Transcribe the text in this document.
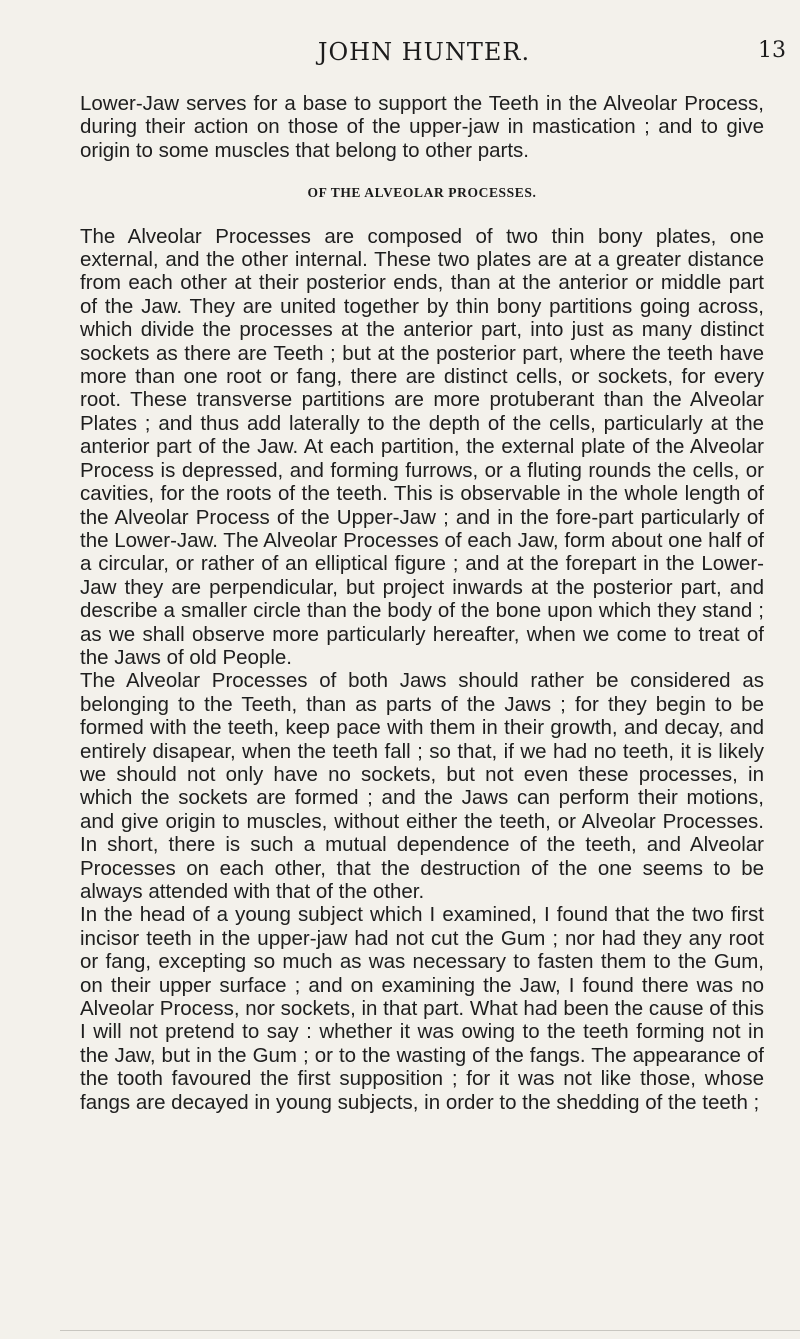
JOHN HUNTER.	13

Lower-Jaw serves for a base to support the Teeth in the Alveolar Process, during their action on those of the upper-jaw in mastication ; and to give origin to some muscles that belong to other parts.

OF THE ALVEOLAR PROCESSES.

The Alveolar Processes are composed of two thin bony plates, one external, and the other internal. These two plates are at a greater distance from each other at their posterior ends, than at the anterior or middle part of the Jaw. They are united together by thin bony partitions going across, which divide the processes at the anterior part, into just as many distinct sockets as there are Teeth ; but at the posterior part, where the teeth have more than one root or fang, there are distinct cells, or sockets, for every root. These transverse partitions are more protuberant than the Alveolar Plates ; and thus add laterally to the depth of the cells, particularly at the anterior part of the Jaw. At each partition, the external plate of the Alveolar Process is depressed, and forming furrows, or a fluting rounds the cells, or cavities, for the roots of the teeth. This is observable in the whole length of the Alveolar Process of the Upper-Jaw ; and in the fore-part particularly of the Lower-Jaw. The Alveolar Processes of each Jaw, form about one half of a circular, or rather of an elliptical figure ; and at the forepart in the Lower-Jaw they are perpendicular, but project inwards at the posterior part, and describe a smaller circle than the body of the bone upon which they stand ; as we shall observe more particularly hereafter, when we come to treat of the Jaws of old People.

The Alveolar Processes of both Jaws should rather be considered as belonging to the Teeth, than as parts of the Jaws ; for they begin to be formed with the teeth, keep pace with them in their growth, and decay, and entirely disapear, when the teeth fall ; so that, if we had no teeth, it is likely we should not only have no sockets, but not even these processes, in which the sockets are formed ; and the Jaws can perform their motions, and give origin to muscles, without either the teeth, or Alveolar Processes. In short, there is such a mutual dependence of the teeth, and Alveolar Processes on each other, that the destruction of the one seems to be always attended with that of the other.

In the head of a young subject which I examined, I found that the two first incisor teeth in the upper-jaw had not cut the Gum ; nor had they any root or fang, excepting so much as was necessary to fasten them to the Gum, on their upper surface ; and on examining the Jaw, I found there was no Alveolar Process, nor sockets, in that part. What had been the cause of this I will not pretend to say : whether it was owing to the teeth forming not in the Jaw, but in the Gum ; or to the wasting of the fangs. The appearance of the tooth favoured the first supposition ; for it was not like those, whose fangs are decayed in young subjects, in order to the shedding of the teeth ;
